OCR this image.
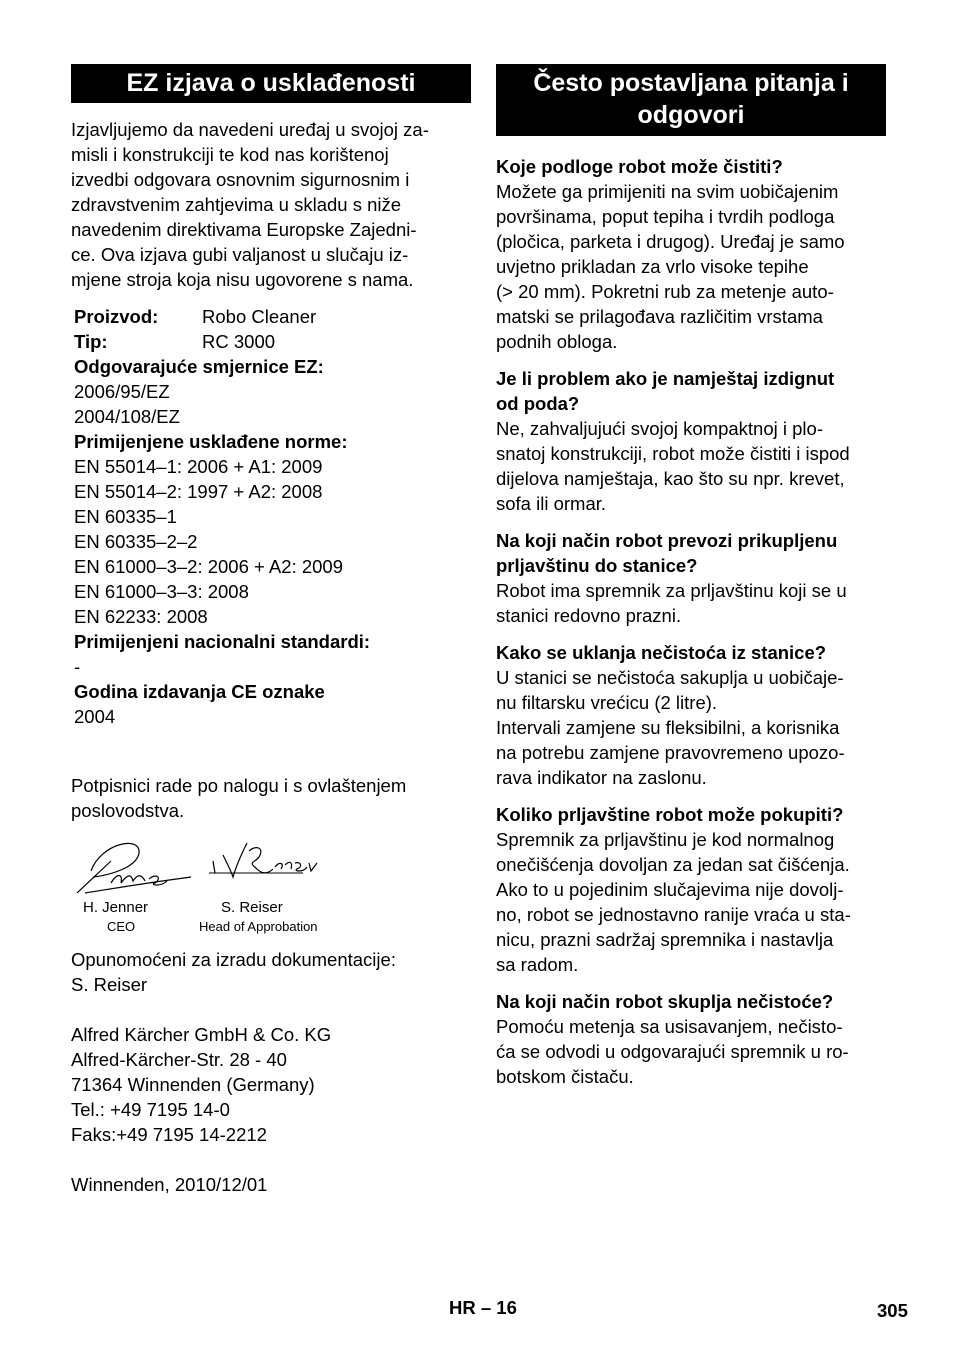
EZ izjava o usklađenosti
Izjavljujemo da navedeni uređaj u svojoj za-
misli i konstrukciji te kod nas korištenoj
izvedbi odgovara osnovnim sigurnosnim i
zdravstvenim zahtjevima u skladu s niže
navedenim direktivama Europske Zajedni-
ce. Ova izjava gubi valjanost u slučaju iz-
mjene stroja koja nisu ugovorene s nama.
Proizvod:	Robo Cleaner
Tip:	RC 3000
Odgovarajuće smjernice EZ:
2006/95/EZ
2004/108/EZ
Primijenjene usklađene norme:
EN 55014–1: 2006 + A1: 2009
EN 55014–2: 1997 + A2: 2008
EN 60335–1
EN 60335–2–2
EN 61000–3–2: 2006 + A2: 2009
EN 61000–3–3: 2008
EN 62233: 2008
Primijenjeni nacionalni standardi:
-
Godina izdavanja CE oznake
2004
Potpisnici rade po nalogu i s ovlaštenjem
poslovodstva.
H. Jenner
CEO
S. Reiser
Head of Approbation
Opunomoćeni za izradu dokumentacije:
S. Reiser
Alfred Kärcher GmbH & Co. KG
Alfred-Kärcher-Str. 28 - 40
71364 Winnenden (Germany)
Tel.: +49 7195 14-0
Faks:+49 7195 14-2212
Winnenden, 2010/12/01
Često postavljana pitanja i
odgovori
Koje podloge robot može čistiti?
Možete ga primijeniti na svim uobičajenim
površinama, poput tepiha i tvrdih podloga
(pločica, parketa i drugog). Uređaj je samo
uvjetno prikladan za vrlo visoke tepihe
(> 20 mm). Pokretni rub za metenje auto-
matski se prilagođava različitim vrstama
podnih obloga.
Je li problem ako je namještaj izdignut
od poda?
Ne, zahvaljujući svojoj kompaktnoj i plo-
snatoj konstrukciji, robot može čistiti i ispod
dijelova namještaja, kao što su npr. krevet,
sofa ili ormar.
Na koji način robot prevozi prikupljenu
prljavštinu do stanice?
Robot ima spremnik za prljavštinu koji se u
stanici redovno prazni.
Kako se uklanja nečistoća iz stanice?
U stanici se nečistoća sakuplja u uobičaje-
nu filtarsku vrećicu (2 litre).
Intervali zamjene su fleksibilni, a korisnika
na potrebu zamjene pravovremeno upozo-
rava indikator na zaslonu.
Koliko prljavštine robot može pokupiti?
Spremnik za prljavštinu je kod normalnog
onečišćenja dovoljan za jedan sat čišćenja.
Ako to u pojedinim slučajevima nije dovolj-
no, robot se jednostavno ranije vraća u sta-
nicu, prazni sadržaj spremnika i nastavlja
sa radom.
Na koji način robot skuplja nečistoće?
Pomoću metenja sa usisavanjem, nečisto-
ća se odvodi u odgovarajući spremnik u ro-
botskom čistaču.
HR – 16	305
